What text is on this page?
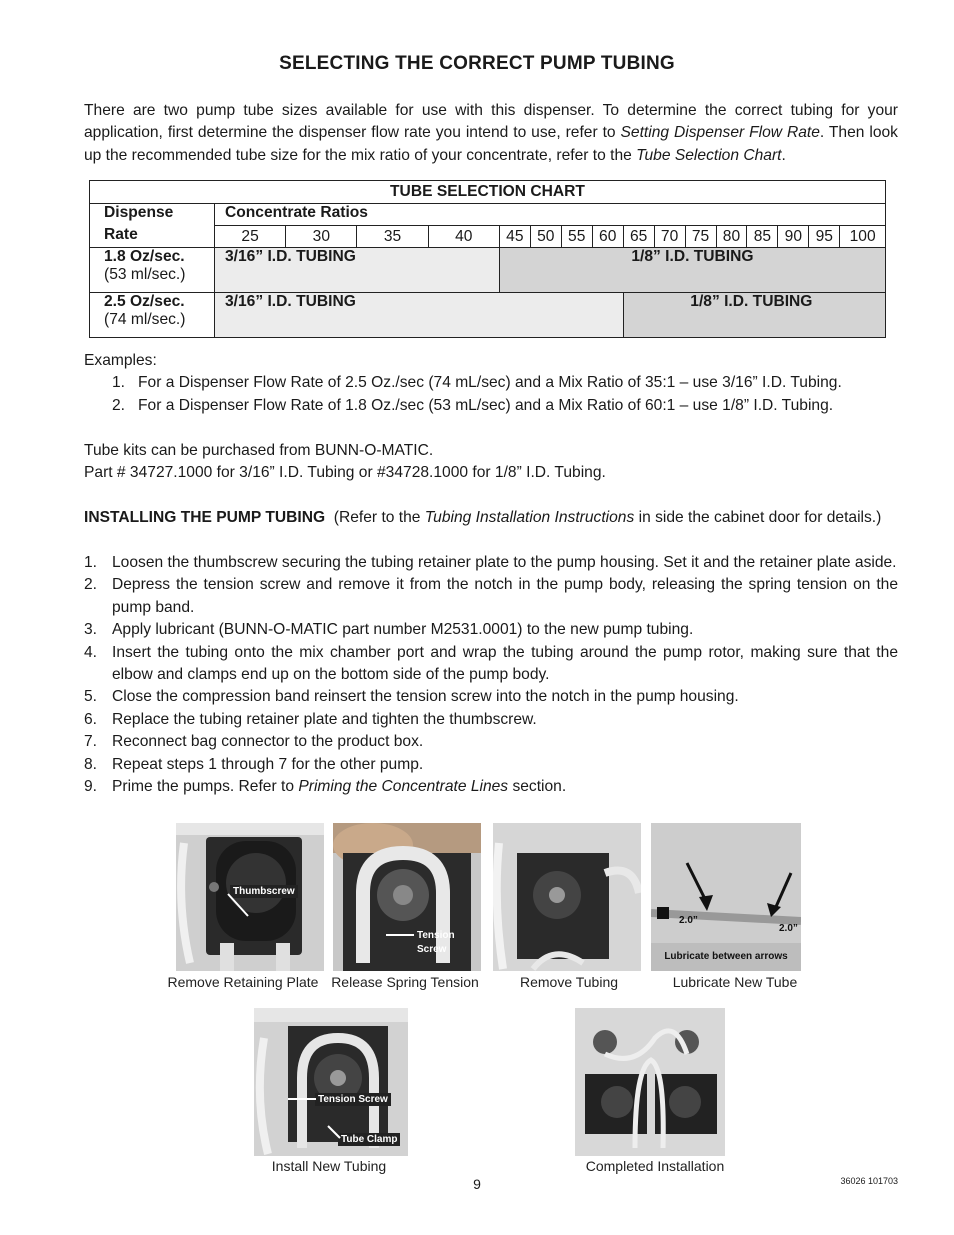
SELECTING THE CORRECT PUMP TUBING
There are two pump tube sizes available for use with this dispenser. To determine the correct tubing for your application, first determine the dispenser flow rate you intend to use, refer to Setting Dispenser Flow Rate. Then look up the recommended tube size for the mix ratio of your concentrate, refer to the Tube Selection Chart.
TUBE SELECTION CHART																
Dispense	Concentrate Ratios															
Rate	25	30	35	40	45	50	55	60	65	70	75	80	85	90	95	100
1.8 Oz/sec.
(53 ml/sec.)	3/16” I.D. TUBING				1/8” I.D. TUBING											
2.5 Oz/sec.
(74 ml/sec.)	3/16” I.D. TUBING								1/8” I.D. TUBING							
Examples:
1. For a Dispenser Flow Rate of 2.5 Oz./sec (74 mL/sec) and a Mix Ratio of 35:1 – use 3/16” I.D. Tubing.
2. For a Dispenser Flow Rate of 1.8 Oz./sec (53 mL/sec) and a Mix Ratio of 60:1 – use 1/8” I.D. Tubing.
Tube kits can be purchased from BUNN-O-MATIC.
Part # 34727.1000 for 3/16” I.D. Tubing or #34728.1000 for 1/8” I.D. Tubing.
INSTALLING THE PUMP TUBING  (Refer to the Tubing Installation Instructions in side the cabinet door for details.)
1. Loosen the thumbscrew securing the tubing retainer plate to the pump housing. Set it and the retainer plate aside.
2. Depress the tension screw and remove it from the notch in the pump body, releasing the spring tension on the pump band.
3. Apply lubricant (BUNN-O-MATIC part number M2531.0001) to the new pump tubing.
4. Insert the tubing onto the mix chamber port and wrap the tubing around the pump rotor, making sure that the elbow and clamps end up on the bottom side of the pump body.
5. Close the compression band reinsert the tension screw into the notch in the pump housing.
6. Replace the tubing retainer plate and tighten the thumbscrew.
7. Reconnect bag connector to the product box.
8. Repeat steps 1 through 7 for the other pump.
9. Prime the pumps. Refer to Priming the Concentrate Lines section.
Thumbscrew
Remove Retaining Plate
Tension
Screw
Release Spring Tension	Remove Tubing
2.0”
2.0”
Lubricate between arrows
Lubricate New Tube
Tension Screw
Tube Clamp
Install New Tubing	Completed Installation
9	36026 101703
